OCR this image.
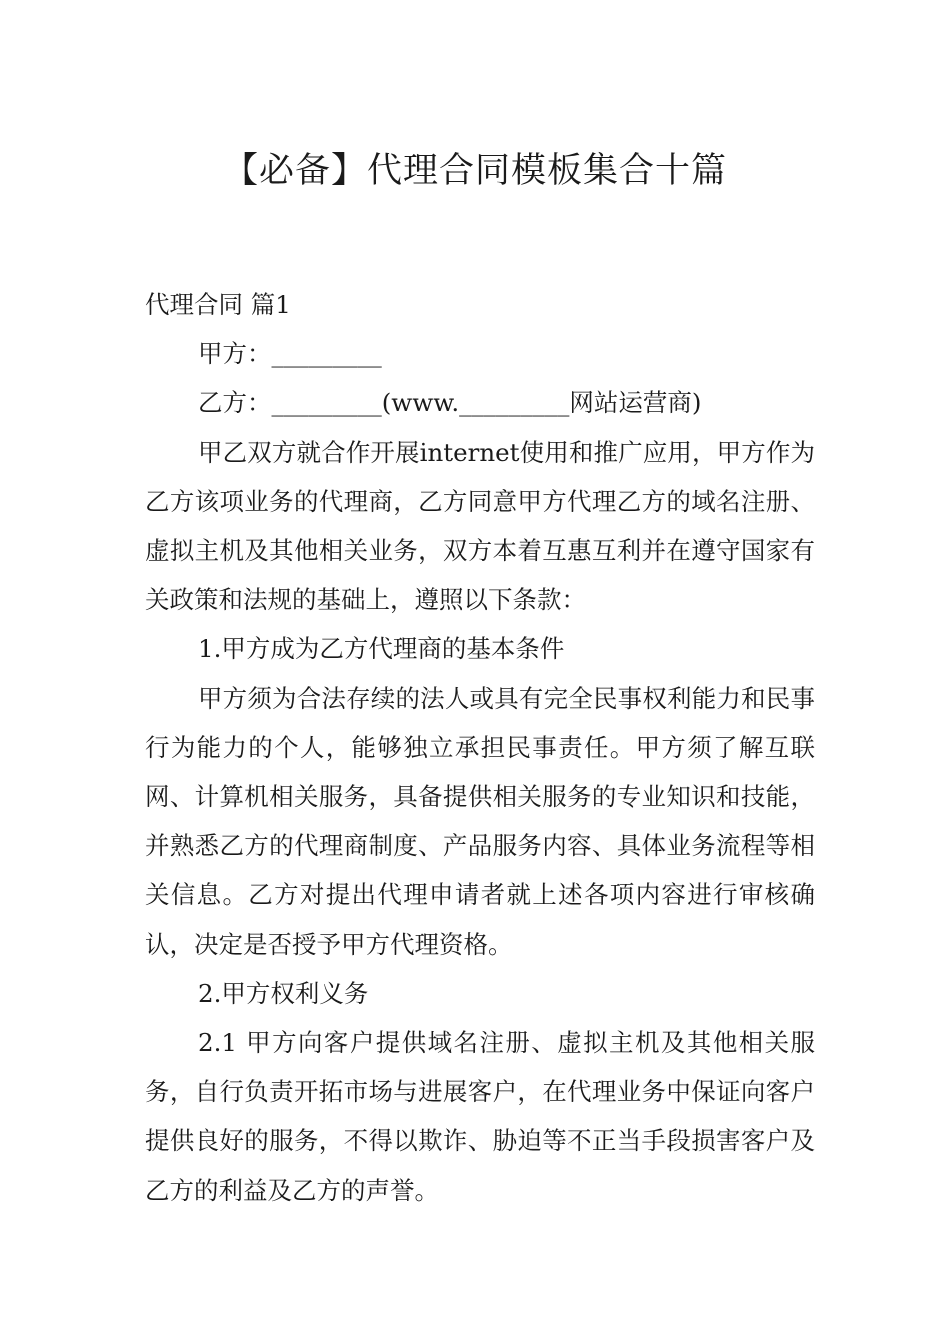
【必备】代理合同模板集合十篇

代理合同 篇1

甲方：_________

乙方：_________(www._________网站运营商)

甲乙双方就合作开展internet使用和推广应用，甲方作为乙方该项业务的代理商，乙方同意甲方代理乙方的域名注册、虚拟主机及其他相关业务，双方本着互惠互利并在遵守国家有关政策和法规的基础上，遵照以下条款：

1.甲方成为乙方代理商的基本条件

甲方须为合法存续的法人或具有完全民事权利能力和民事行为能力的个人，能够独立承担民事责任。甲方须了解互联网、计算机相关服务，具备提供相关服务的专业知识和技能，并熟悉乙方的代理商制度、产品服务内容、具体业务流程等相关信息。乙方对提出代理申请者就上述各项内容进行审核确认，决定是否授予甲方代理资格。

2.甲方权利义务

2.1 甲方向客户提供域名注册、虚拟主机及其他相关服务，自行负责开拓市场与进展客户，在代理业务中保证向客户提供良好的服务，不得以欺诈、胁迫等不正当手段损害客户及乙方的利益及乙方的声誉。
